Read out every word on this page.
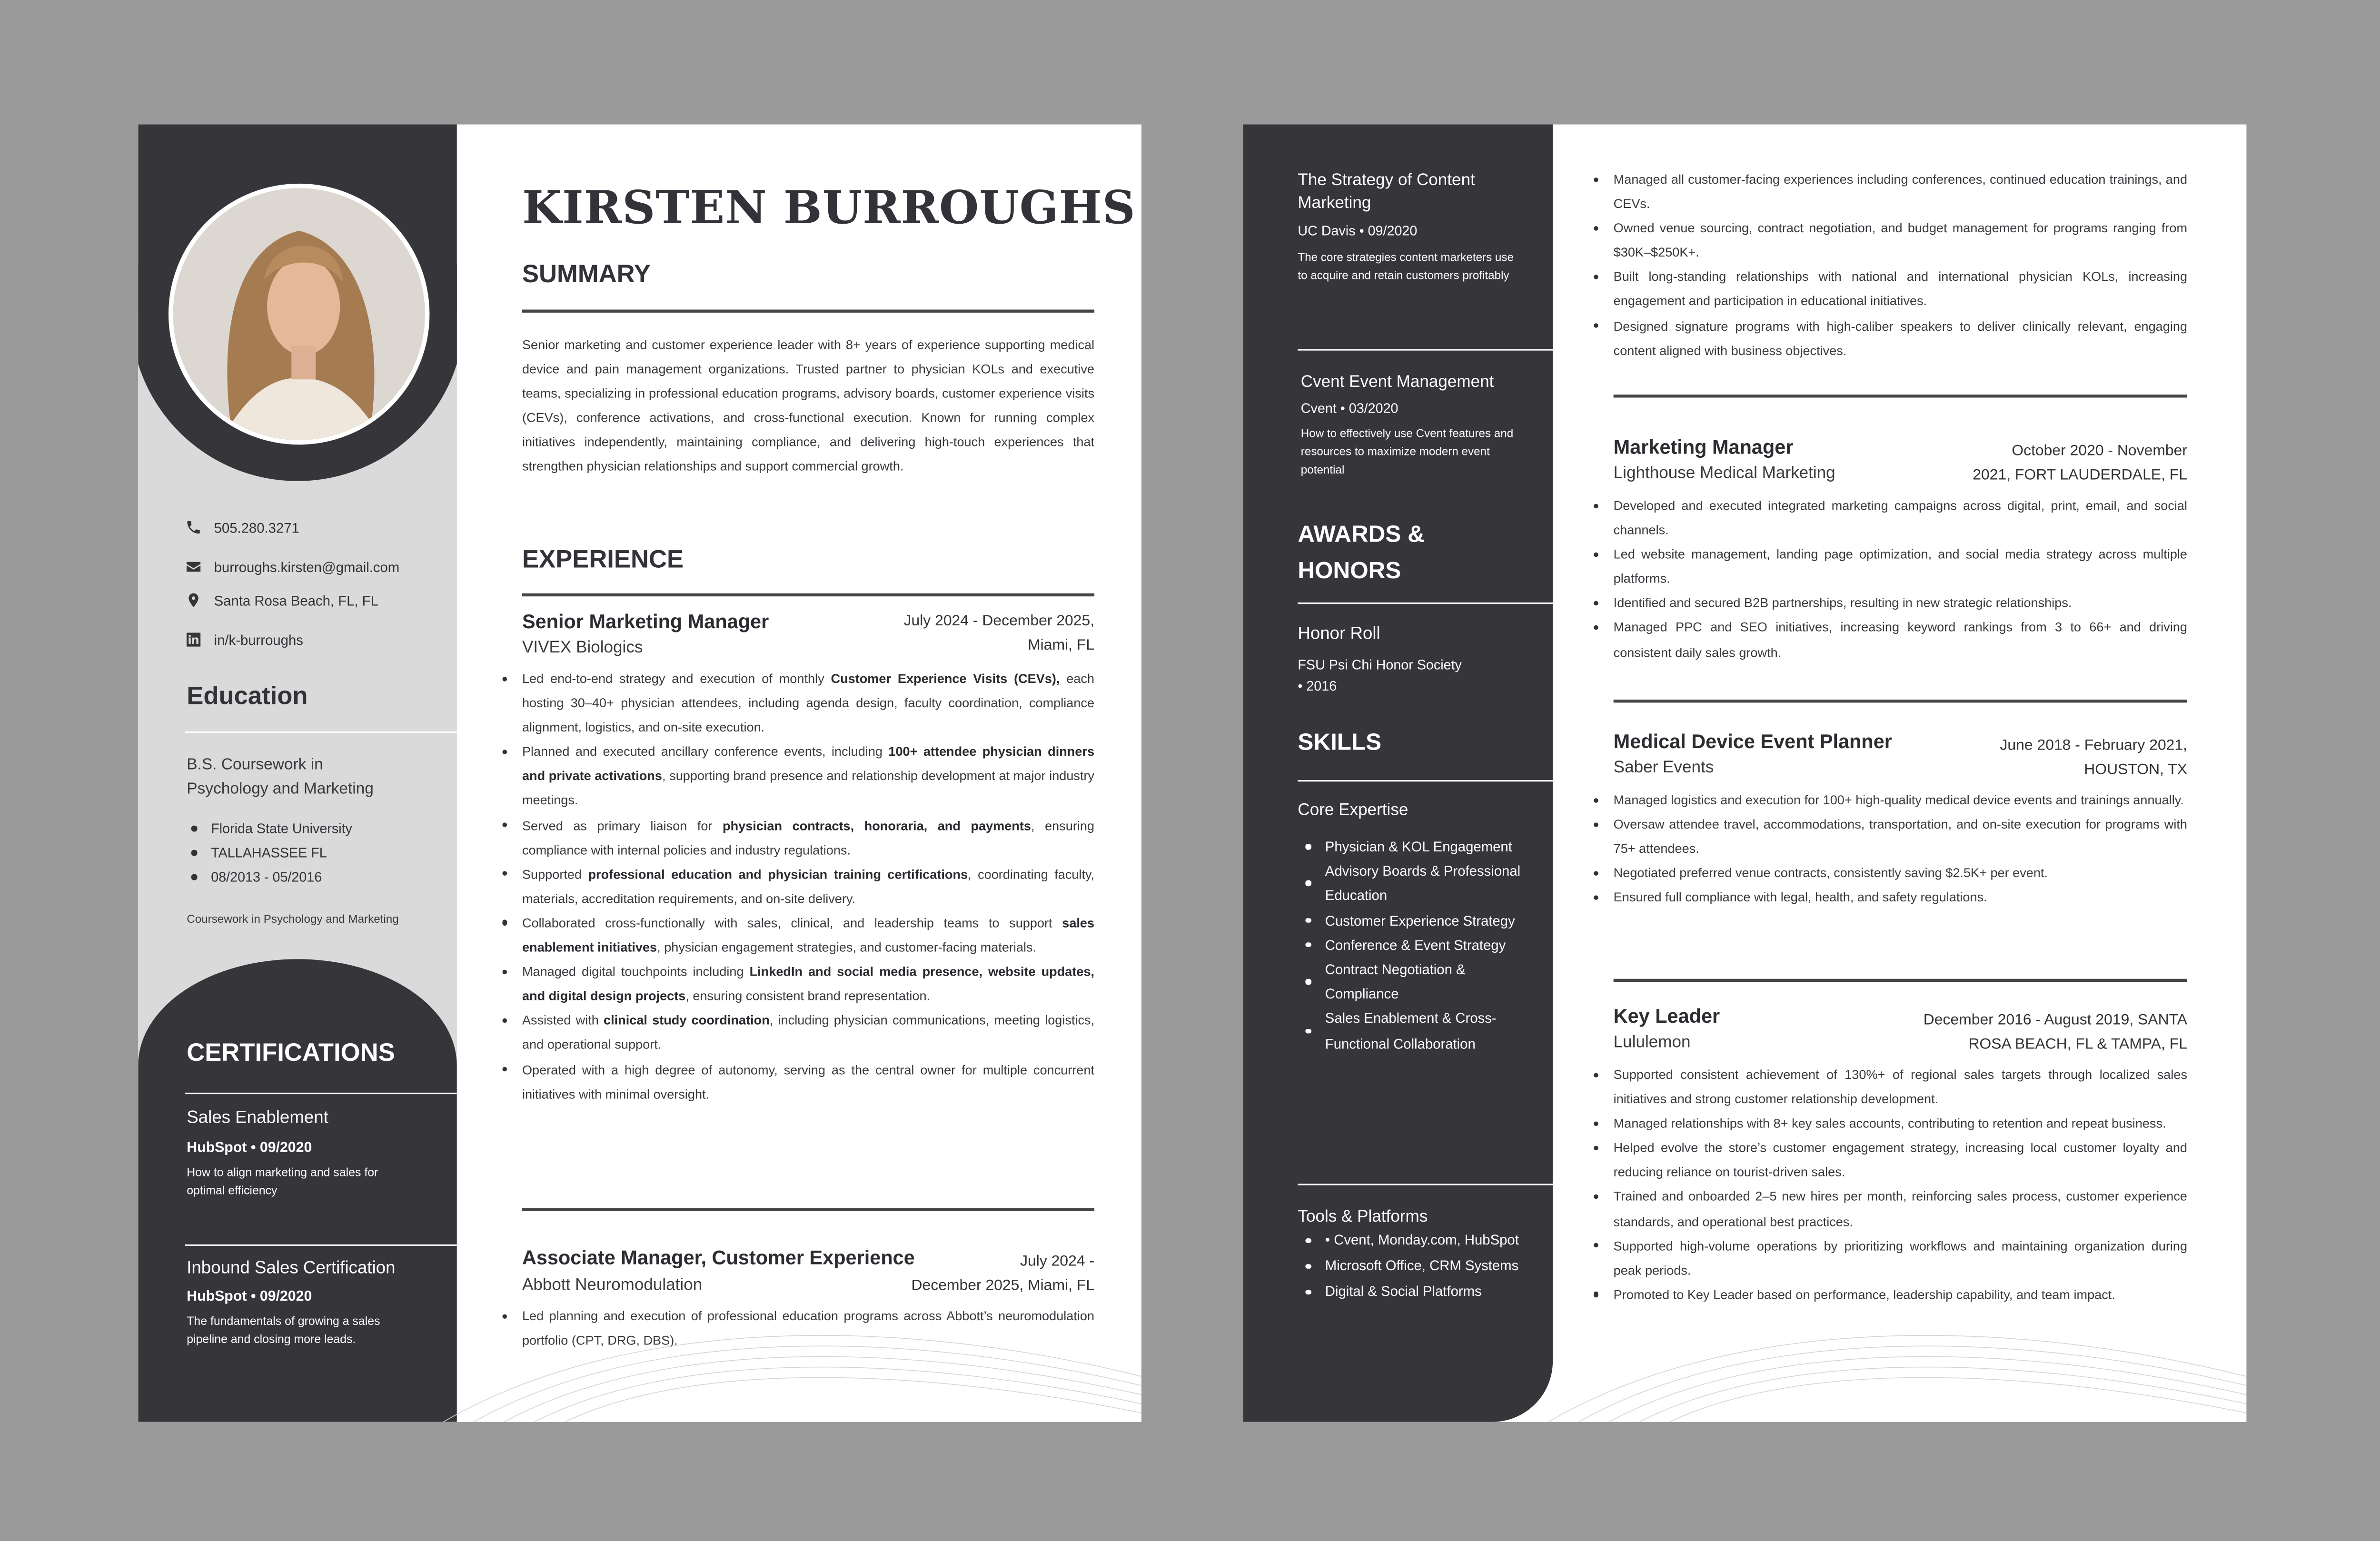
505.280.3271
burroughs.kirsten@gmail.com
Santa Rosa Beach, FL, FL
in/k-burroughs
Education
B.S. Coursework in
Psychology and Marketing
Florida State University
TALLAHASSEE FL
08/2013 - 05/2016
Coursework in Psychology and Marketing
CERTIFICATIONS
Sales Enablement
HubSpot • 09/2020
How to align marketing and sales for optimal efficiency
Inbound Sales Certification
HubSpot • 09/2020
The fundamentals of growing a sales pipeline and closing more leads.
KIRSTEN BURROUGHS
SUMMARY
Senior marketing and customer experience leader with 8+ years of experience supporting medical device and pain management organizations. Trusted partner to physician KOLs and executive teams, specializing in professional education programs, advisory boards, customer experience visits (CEVs), conference activations, and cross-functional execution. Known for running complex initiatives independently, maintaining compliance, and delivering high-touch experiences that strengthen physician relationships and support commercial growth.
EXPERIENCE
Senior Marketing Manager
VIVEX Biologics
July 2024 - December 2025,
Miami, FL
Led end-to-end strategy and execution of monthly Customer Experience Visits (CEVs), each hosting 30–40+ physician attendees, including agenda design, faculty coordination, compliance alignment, logistics, and on-site execution.
Planned and executed ancillary conference events, including 100+ attendee physician dinners and private activations, supporting brand presence and relationship development at major industry meetings.
Served as primary liaison for physician contracts, honoraria, and payments, ensuring compliance with internal policies and industry regulations.
Supported professional education and physician training certifications, coordinating faculty, materials, accreditation requirements, and on-site delivery.
Collaborated cross-functionally with sales, clinical, and leadership teams to support sales enablement initiatives, physician engagement strategies, and customer-facing materials.
Managed digital touchpoints including LinkedIn and social media presence, website updates, and digital design projects, ensuring consistent brand representation.
Assisted with clinical study coordination, including physician communications, meeting logistics, and operational support.
Operated with a high degree of autonomy, serving as the central owner for multiple concurrent initiatives with minimal oversight.
Associate Manager, Customer Experience
Abbott Neuromodulation
July 2024 -
December 2025, Miami, FL
Led planning and execution of professional education programs across Abbott’s neuromodulation portfolio (CPT, DRG, DBS).
The Strategy of Content Marketing
UC Davis • 09/2020
The core strategies content marketers use to acquire and retain customers profitably
Cvent Event Management
Cvent • 03/2020
How to effectively use Cvent features and resources to maximize modern event potential
AWARDS &
HONORS
Honor Roll
FSU Psi Chi Honor Society
• 2016
SKILLS
Core Expertise
Physician & KOL Engagement
Advisory Boards & Professional Education
Customer Experience Strategy
Conference & Event Strategy
Contract Negotiation & Compliance
Sales Enablement & Cross-Functional Collaboration
Tools & Platforms
• Cvent, Monday.com, HubSpot
Microsoft Office, CRM Systems
Digital & Social Platforms
Managed all customer-facing experiences including conferences, continued education trainings, and CEVs.
Owned venue sourcing, contract negotiation, and budget management for programs ranging from $30K–$250K+.
Built long-standing relationships with national and international physician KOLs, increasing engagement and participation in educational initiatives.
Designed signature programs with high-caliber speakers to deliver clinically relevant, engaging content aligned with business objectives.
Marketing Manager
Lighthouse Medical Marketing
October 2020 - November
2021, FORT LAUDERDALE, FL
Developed and executed integrated marketing campaigns across digital, print, email, and social channels.
Led website management, landing page optimization, and social media strategy across multiple platforms.
Identified and secured B2B partnerships, resulting in new strategic relationships.
Managed PPC and SEO initiatives, increasing keyword rankings from 3 to 66+ and driving consistent daily sales growth.
Medical Device Event Planner
Saber Events
June 2018 - February 2021,
HOUSTON, TX
Managed logistics and execution for 100+ high-quality medical device events and trainings annually.
Oversaw attendee travel, accommodations, transportation, and on-site execution for programs with 75+ attendees.
Negotiated preferred venue contracts, consistently saving $2.5K+ per event.
Ensured full compliance with legal, health, and safety regulations.
Key Leader
Lululemon
December 2016 - August 2019, SANTA
ROSA BEACH, FL & TAMPA, FL
Supported consistent achievement of 130%+ of regional sales targets through localized sales initiatives and strong customer relationship development.
Managed relationships with 8+ key sales accounts, contributing to retention and repeat business.
Helped evolve the store’s customer engagement strategy, increasing local customer loyalty and reducing reliance on tourist-driven sales.
Trained and onboarded 2–5 new hires per month, reinforcing sales process, customer experience standards, and operational best practices.
Supported high-volume operations by prioritizing workflows and maintaining organization during peak periods.
Promoted to Key Leader based on performance, leadership capability, and team impact.
